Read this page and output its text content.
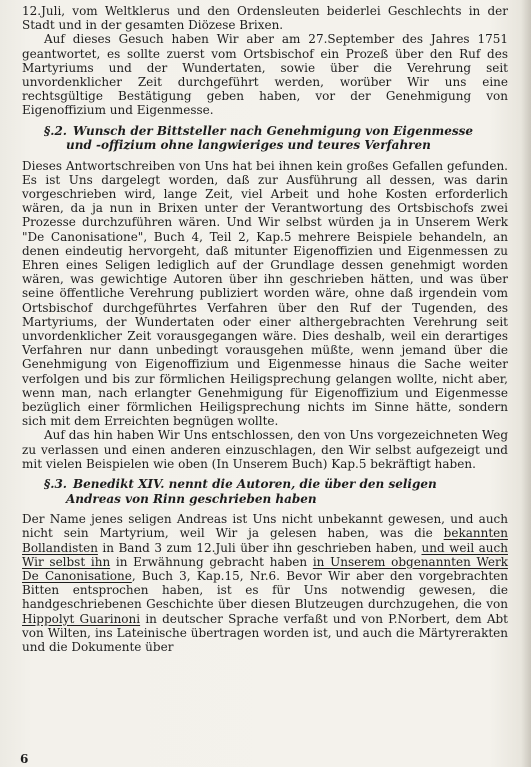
12.Juli, vom Weltklerus und den Ordensleuten beiderlei Geschlechts in der Stadt und in der gesamten Diözese Brixen.

Auf dieses Gesuch haben Wir aber am 27.September des Jahres 1751 geantwortet, es sollte zuerst vom Ortsbischof ein Prozeß über den Ruf des Martyriums und der Wundertaten, sowie über die Verehrung seit unvordenklicher Zeit durchgeführt werden, worüber Wir uns eine rechtsgültige Bestätigung geben haben, vor der Genehmigung von Eigenoffizium und Eigenmesse.

§.2. Wunsch der Bittsteller nach Genehmigung von Eigenmesse
und -offizium ohne langwieriges und teures Verfahren

Dieses Antwortschreiben von Uns hat bei ihnen kein großes Gefallen gefunden. Es ist Uns dargelegt worden, daß zur Ausführung all dessen, was darin vorgeschrieben wird, lange Zeit, viel Arbeit und hohe Kosten erforderlich wären, da ja nun in Brixen unter der Verantwortung des Ortsbischofs zwei Prozesse durchzuführen wären. Und Wir selbst würden ja in Unserem Werk "De Canonisatione", Buch 4, Teil 2, Kap.5 mehrere Beispiele behandeln, an denen eindeutig hervorgeht, daß mitunter Eigenoffizien und Eigenmessen zu Ehren eines Seligen lediglich auf der Grundlage dessen genehmigt worden wären, was gewichtige Autoren über ihn geschrieben hätten, und was über seine öffentliche Verehrung publiziert worden wäre, ohne daß irgendein vom Ortsbischof durchgeführtes Verfahren über den Ruf der Tugenden, des Martyriums, der Wundertaten oder einer althergebrachten Verehrung seit unvordenklicher Zeit vorausgegangen wäre. Dies deshalb, weil ein derartiges Verfahren nur dann unbedingt vorausgehen müßte, wenn jemand über die Genehmigung von Eigenoffizium und Eigenmesse hinaus die Sache weiter verfolgen und bis zur förmlichen Heiligsprechung gelangen wollte, nicht aber, wenn man, nach erlangter Genehmigung für Eigenoffizium und Eigenmesse bezüglich einer förmlichen Heiligsprechung nichts im Sinne hätte, sondern sich mit dem Erreichten begnügen wollte.

Auf das hin haben Wir Uns entschlossen, den von Uns vorgezeichneten Weg zu verlassen und einen anderen einzuschlagen, den Wir selbst aufgezeigt und mit vielen Beispielen wie oben (In Unserem Buch) Kap.5 bekräftigt haben.

§.3. Benedikt XIV. nennt die Autoren, die über den seligen
Andreas von Rinn geschrieben haben

Der Name jenes seligen Andreas ist Uns nicht unbekannt gewesen, und auch nicht sein Martyrium, weil Wir ja gelesen haben, was die bekannten Bollandisten in Band 3 zum 12.Juli über ihn geschrieben haben, und weil auch Wir selbst ihn in Erwähnung gebracht haben in Unserem obgenannten Werk De Canonisatione, Buch 3, Kap.15, Nr.6. Bevor Wir aber den vorgebrachten Bitten entsprochen haben, ist es für Uns notwendig gewesen, die handgeschriebenen Geschichte über diesen Blutzeugen durchzugehen, die von Hippolyt Guarinoni in deutscher Sprache verfaßt und von P.Norbert, dem Abt von Wilten, ins Lateinische übertragen worden ist, und auch die Märtyrerakten und die Dokumente über

6
